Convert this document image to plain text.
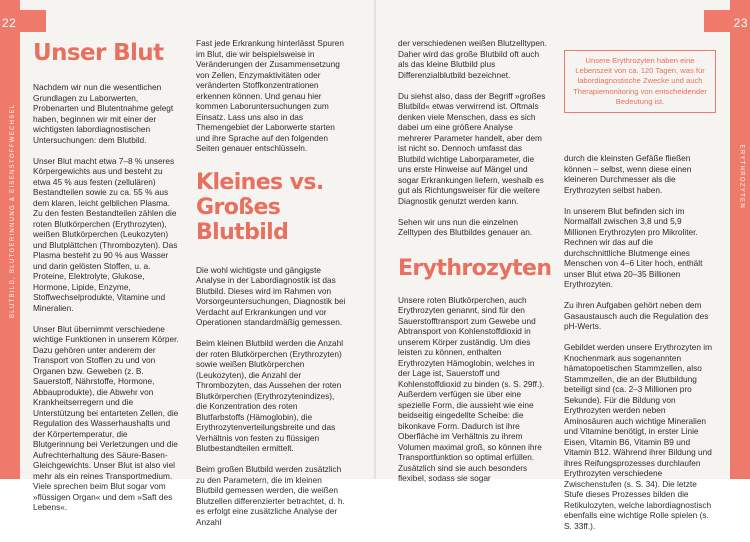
22	23
BLUTBILD, BLUTGERINNUNG & EISENSTOFFWECHSEL	ERYTHROZYTEN
Unser Blut

Nachdem wir nun die wesentlichen Grundlagen zu Laborwerten, Probenarten und Blutentnahme gelegt haben, beginnen wir mit einer der wichtigsten labordiagnostischen Untersuchungen: dem Blutbild.

Unser Blut macht etwa 7–8 % unseres Körpergewichts aus und besteht zu etwa 45 % aus festen (zellulären) Bestandteilen sowie zu ca. 55 % aus dem klaren, leicht gelblichen Plasma. Zu den festen Bestandteilen zählen die roten Blutkörperchen (Erythrozyten), weißen Blutkörperchen (Leukozyten) und Blutplättchen (Thrombozyten). Das Plasma besteht zu 90 % aus Wasser und darin gelösten Stoffen, u. a. Proteine, Elektrolyte, Glukose, Hormone, Lipide, Enzyme, Stoffwechselprodukte, Vitamine und Mineralien.

Unser Blut übernimmt verschiedene wichtige Funktionen in unserem Körper. Dazu gehören unter anderem der Transport von Stoffen zu und von Organen bzw. Geweben (z. B. Sauerstoff, Nährstoffe, Hormone, Abbauprodukte), die Abwehr von Krankheitserregern und die Unterstützung bei entarteten Zellen, die Regulation des Wasserhaushalts und der Körpertemperatur, die Blutgerinnung bei Verletzungen und die Aufrechterhaltung des Säure-Basen-Gleichgewichts. Unser Blut ist also viel mehr als ein reines Transportmedium. Viele sprechen beim Blut sogar vom »flüssigen Organ« und dem »Saft des Lebens«.

Fast jede Erkrankung hinterlässt Spuren im Blut, die wir beispielsweise in Veränderungen der Zusammensetzung von Zellen, Enzymaktivitäten oder veränderten Stoffkonzentrationen erkennen können. Und genau hier kommen Laboruntersuchungen zum Einsatz. Lass uns also in das Themengebiet der Laborwerte starten und ihre Sprache auf den folgenden Seiten genauer entschlüsseln.

Kleines vs. Großes Blutbild

Die wohl wichtigste und gängigste Analyse in der Labordiagnostik ist das Blutbild. Dieses wird im Rahmen von Vorsorgeuntersuchungen, Diagnostik bei Verdacht auf Erkrankungen und vor Operationen standardmäßig gemessen.

Beim kleinen Blutbild werden die Anzahl der roten Blutkörperchen (Erythrozyten) sowie weißen Blutkörperchen (Leukozyten), die Anzahl der Thrombozyten, das Aussehen der roten Blutkörperchen (Erythrozytenindizes), die Konzentration des roten Blutfarbstoffs (Hämoglobin), die Erythrozytenverteilungsbreite und das Verhältnis von festen zu flüssigen Blutbestandteilen ermittelt.

Beim großen Blutbild werden zusätzlich zu den Parametern, die im kleinen Blutbild gemessen werden, die weißen Blutzellen differenzierter betrachtet, d. h. es erfolgt eine zusätzliche Analyse der Anzahl

der verschiedenen weißen Blutzelltypen. Daher wird das große Blutbild oft auch als das kleine Blutbild plus Differenzialblutbild bezeichnet.

Du siehst also, dass der Begriff »großes Blutbild« etwas verwirrend ist. Oftmals denken viele Menschen, dass es sich dabei um eine größere Analyse mehrerer Parameter handelt, aber dem ist nicht so. Dennoch umfasst das Blutbild wichtige Laborparameter, die uns erste Hinweise auf Mängel und sogar Erkrankungen liefern, weshalb es gut als Richtungsweiser für die weitere Diagnostik genutzt werden kann.

Sehen wir uns nun die einzelnen Zelltypen des Blutbildes genauer an.

Erythrozyten

Unsere roten Blutkörperchen, auch Erythrozyten genannt, sind für den Sauerstofftransport zum Gewebe und Abtransport von Kohlenstoffdioxid in unserem Körper zuständig. Um dies leisten zu können, enthalten Erythrozyten Hämoglobin, welches in der Lage ist, Sauerstoff und Kohlenstoffdioxid zu binden (s. S. 29ff.). Außerdem verfügen sie über eine spezielle Form, die aussieht wie eine beidseitig eingedellte Scheibe: die bikonkave Form. Dadurch ist ihre Oberfläche im Verhältnis zu ihrem Volumen maximal groß, so können ihre Transportfunktion so optimal erfüllen. Zusätzlich sind sie auch besonders flexibel, sodass sie sogar

Unsere Erythrozyten haben eine Lebenszeit von ca. 120 Tagen, was für labordiagnostische Zwecke und auch Therapiemonitoring von entscheidender Bedeutung ist.

durch die kleinsten Gefäße fließen können – selbst, wenn diese einen kleineren Durchmesser als die Erythrozyten selbst haben.

In unserem Blut befinden sich im Normalfall zwischen 3,8 und 5,9 Millionen Erythrozyten pro Mikroliter. Rechnen wir das auf die durchschnittliche Blutmenge eines Menschen von 4–6 Liter hoch, enthält unser Blut etwa 20–35 Billionen Erythrozyten.

Zu ihren Aufgaben gehört neben dem Gasaustausch auch die Regulation des pH-Werts.

Gebildet werden unsere Erythrozyten im Knochenmark aus sogenannten hämatopoetischen Stammzellen, also Stammzellen, die an der Blutbildung beteiligt sind (ca. 2–3 Millionen pro Sekunde). Für die Bildung von Erythrozyten werden neben Aminosäuren auch wichtige Mineralien und Vitamine benötigt, in erster Linie Eisen, Vitamin B6, Vitamin B9 und Vitamin B12. Während ihrer Bildung und ihres Reifungsprozesses durchlaufen Erythrozyten verschiedene Zwischenstufen (s. S. 34). Die letzte Stufe dieses Prozesses bilden die Retikulozyten, welche labordiagnostisch ebenfalls eine wichtige Rolle spielen (s. S. 33ff.).
